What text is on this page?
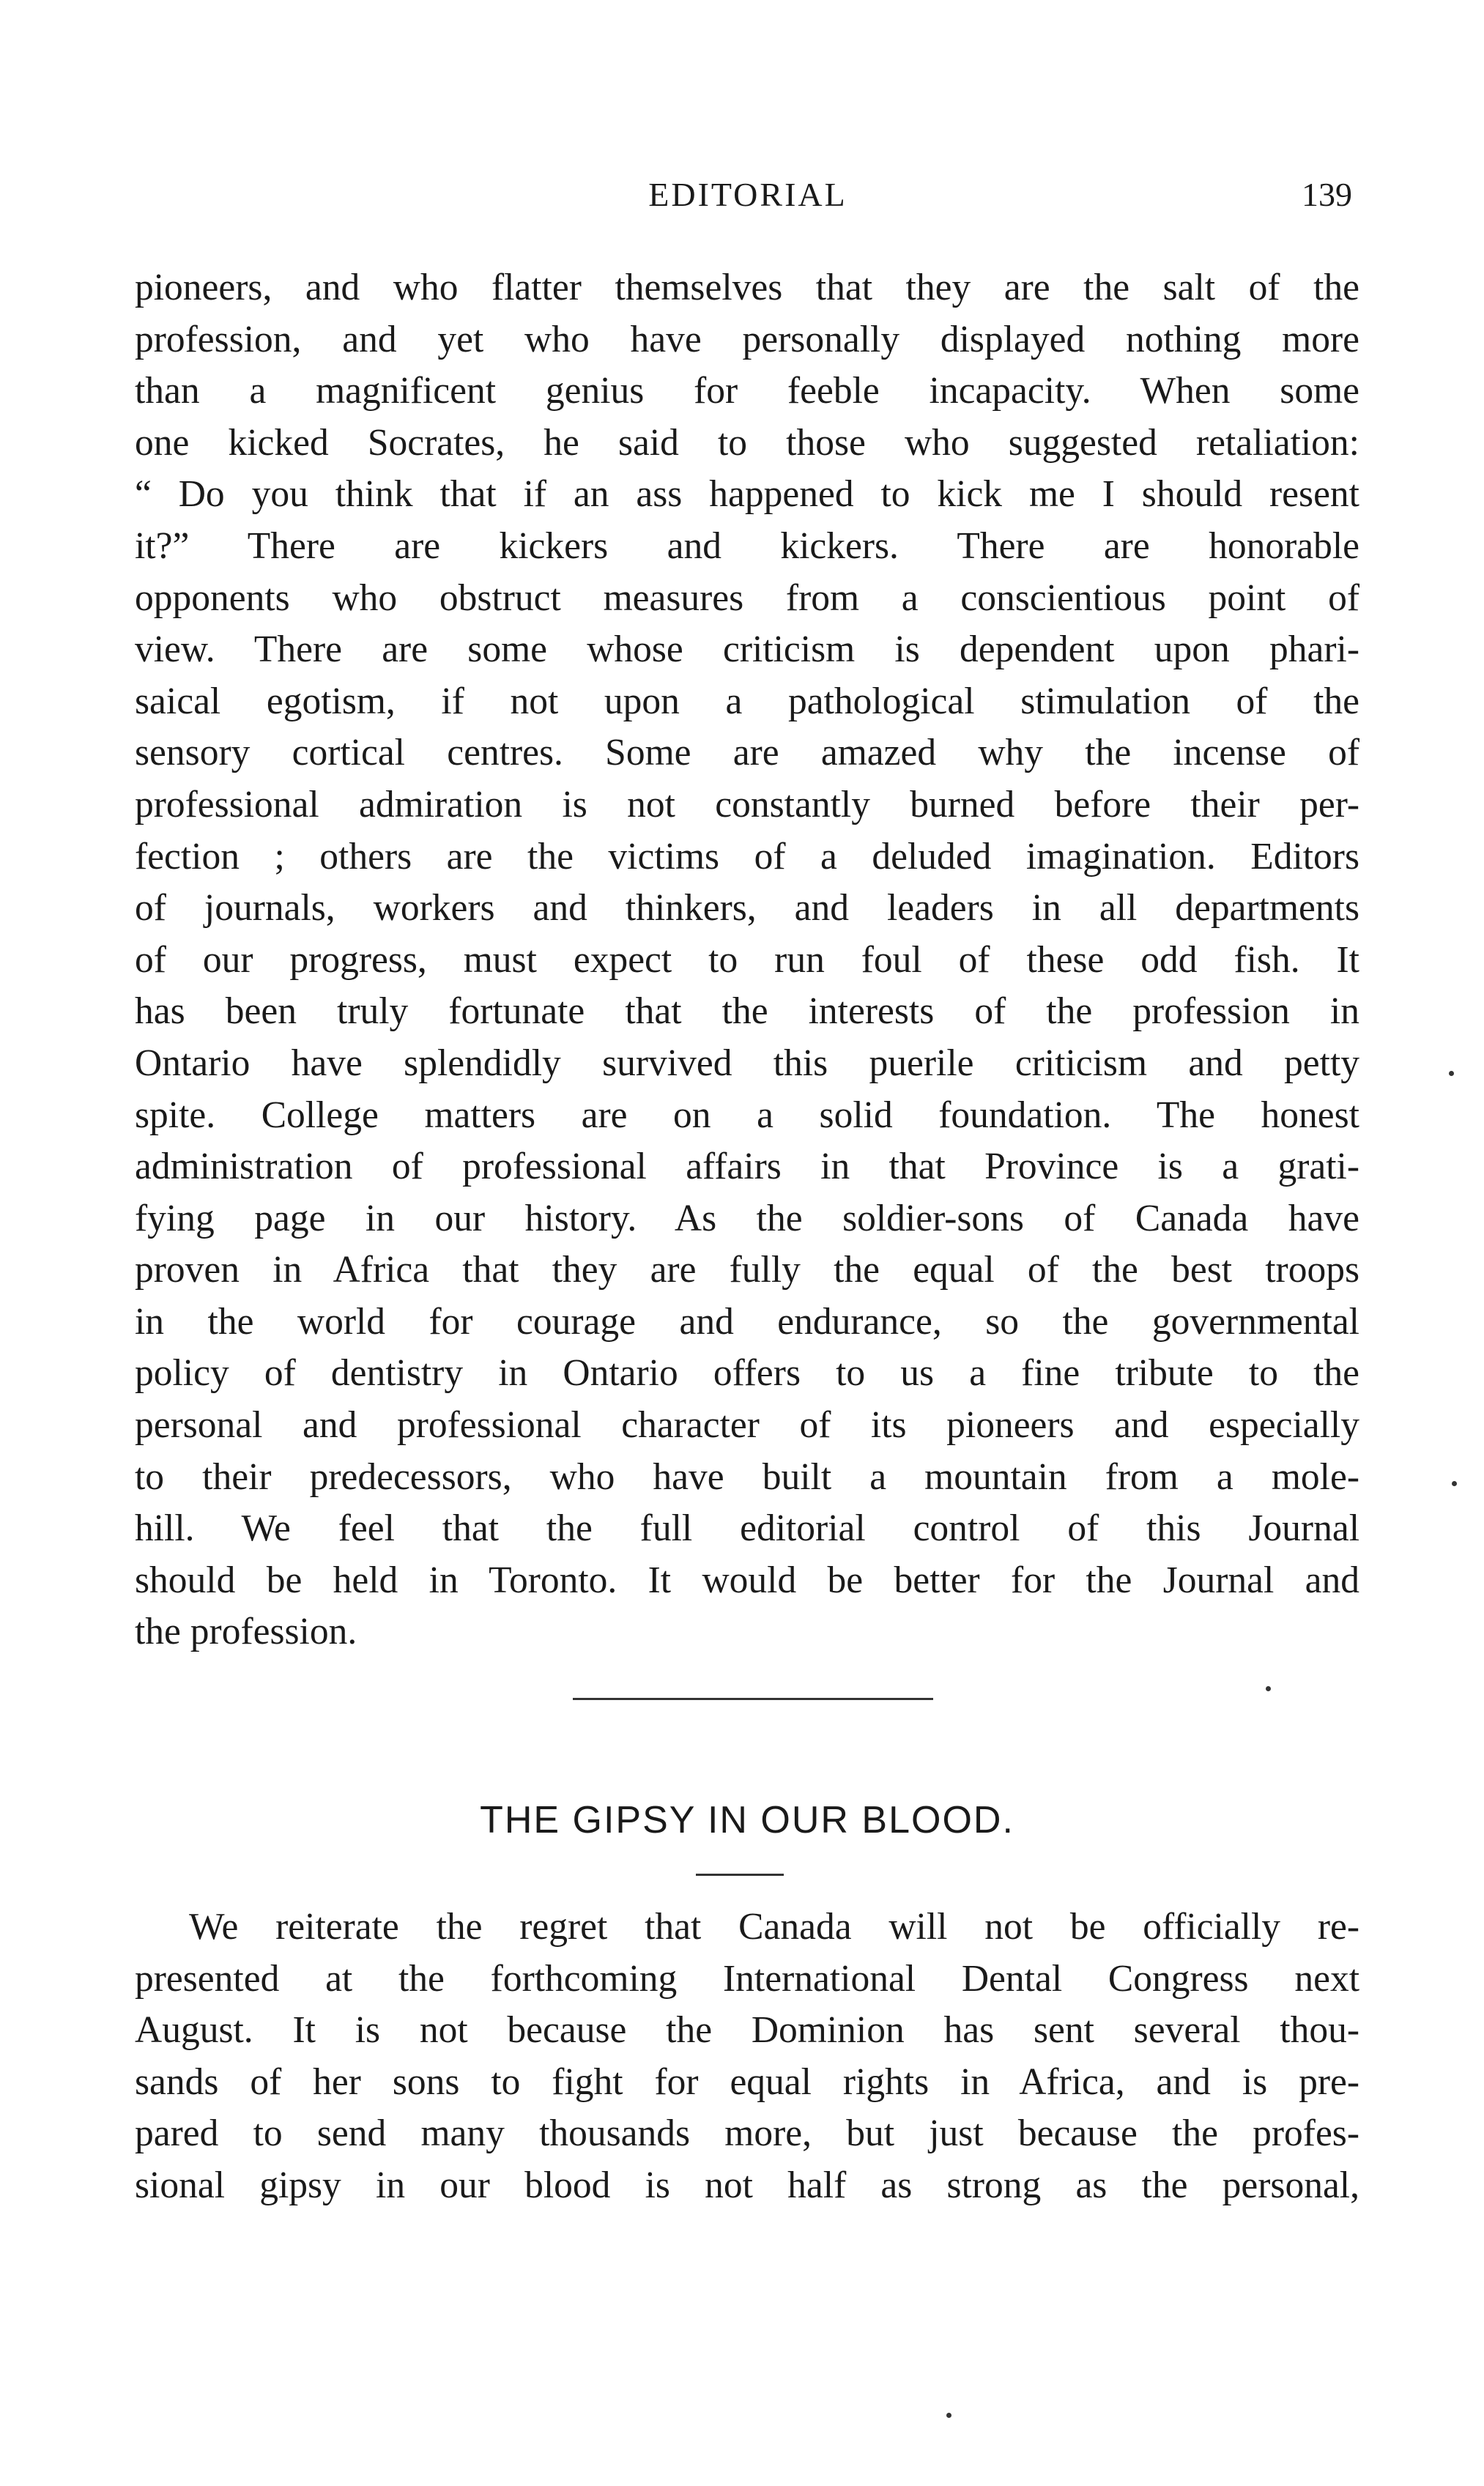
EDITORIAL	139
pioneers, and who flatter themselves that they are the salt of the
profession, and yet who have personally displayed nothing more
than a magnificent genius for feeble incapacity. When some
one kicked Socrates, he said to those who suggested retaliation:
“ Do you think that if an ass happened to kick me I should resent
it?” There are kickers and kickers. There are honorable
opponents who obstruct measures from a conscientious point of
view. There are some whose criticism is dependent upon phari-
saical egotism, if not upon a pathological stimulation of the
sensory cortical centres. Some are amazed why the incense of
professional admiration is not constantly burned before their per-
fection ; others are the victims of a deluded imagination. Editors
of journals, workers and thinkers, and leaders in all departments
of our progress, must expect to run foul of these odd fish. It
has been truly fortunate that the interests of the profession in
Ontario have splendidly survived this puerile criticism and petty
spite. College matters are on a solid foundation. The honest
administration of professional affairs in that Province is a grati-
fying page in our history. As the soldier-sons of Canada have
proven in Africa that they are fully the equal of the best troops
in the world for courage and endurance, so the governmental
policy of dentistry in Ontario offers to us a fine tribute to the
personal and professional character of its pioneers and especially
to their predecessors, who have built a mountain from a mole-
hill. We feel that the full editorial control of this Journal
should be held in Toronto. It would be better for the Journal and
the profession.
THE GIPSY IN OUR BLOOD.
We reiterate the regret that Canada will not be officially re-
presented at the forthcoming International Dental Congress next
August. It is not because the Dominion has sent several thou-
sands of her sons to fight for equal rights in Africa, and is pre-
pared to send many thousands more, but just because the profes-
sional gipsy in our blood is not half as strong as the personal,
